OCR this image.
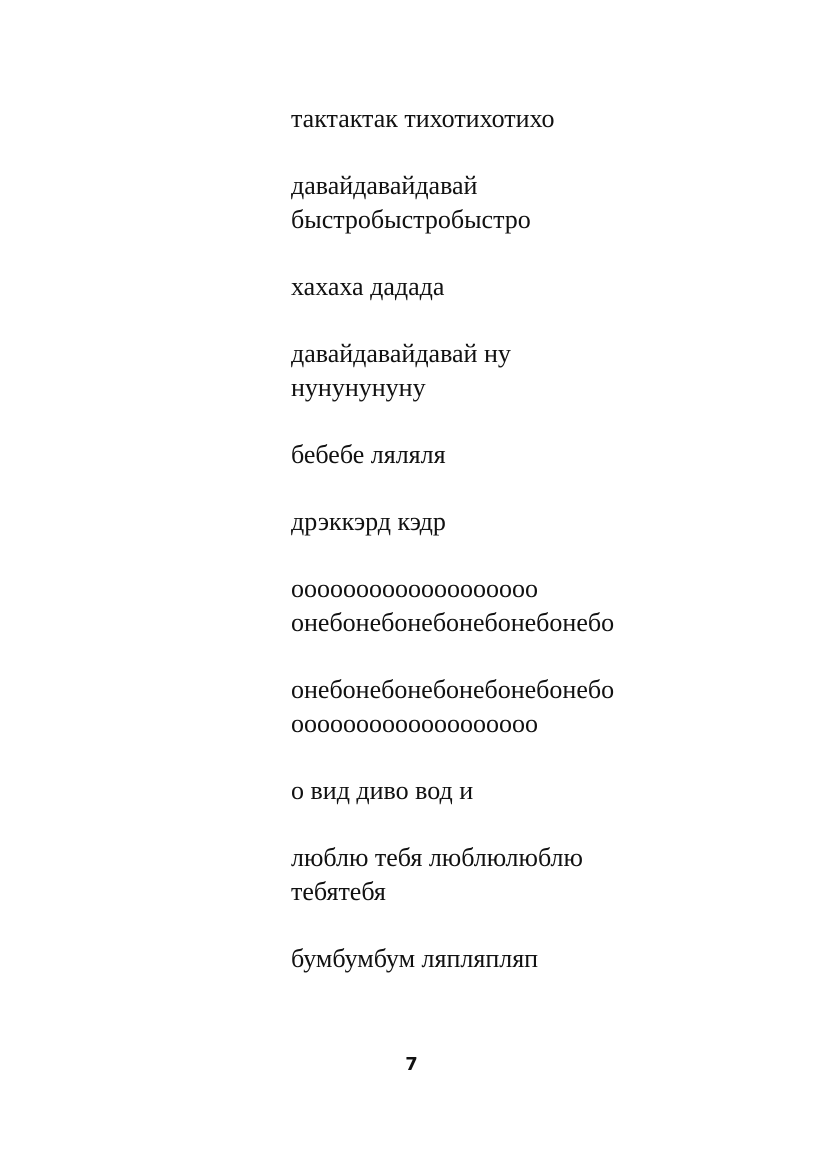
тактактак тихотихотихо
давайдавайдавай
быстробыстробыстро
хахаха дадада
давайдавайдавай ну
нунунунуну
бебебе ляляля
дрэккэрд кэдр
ооооооооооооооооооо
онебонебонебонебонебонебо
онебонебонебонебонебонебо
ооооооооооооооооооо
о вид диво вод и
люблю тебя люблюлюблю
тебятебя
бумбумбум ляпляпляп
7
